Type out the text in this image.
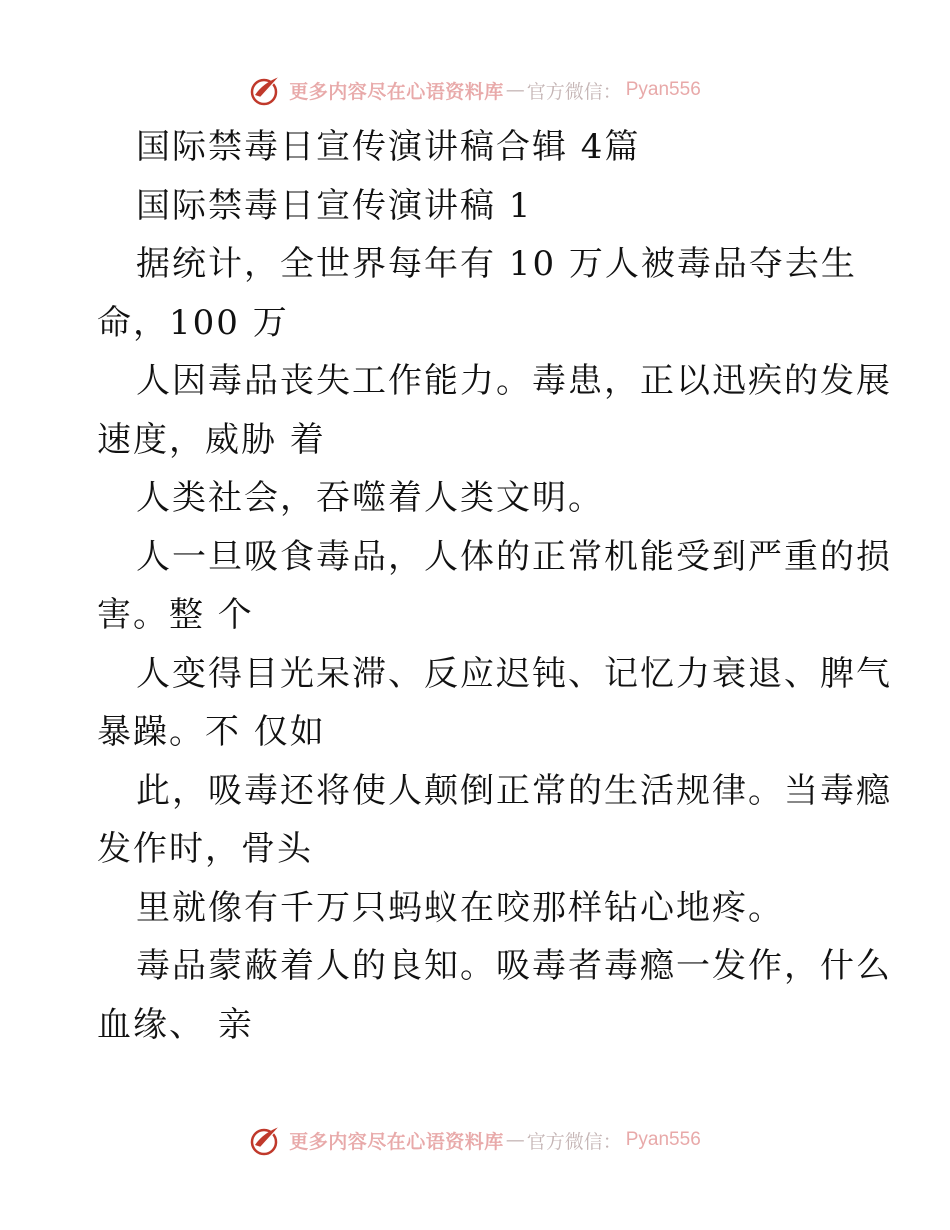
更多内容尽在心语资料库 — 官方微信： Pyan556
国际禁毒日宣传演讲稿合辑 4篇
国际禁毒日宣传演讲稿 1
据统计，全世界每年有 10 万人被毒品夺去生
命，100 万
人因毒品丧失工作能力。毒患，正以迅疾的发展
速度，威胁 着
人类社会，吞噬着人类文明。
人一旦吸食毒品，人体的正常机能受到严重的损
害。整 个
人变得目光呆滞、反应迟钝、记忆力衰退、脾气
暴躁。不 仅如
此，吸毒还将使人颠倒正常的生活规律。当毒瘾
发作时，骨头
里就像有千万只蚂蚁在咬那样钻心地疼。
毒品蒙蔽着人的良知。吸毒者毒瘾一发作，什么
血缘、 亲
更多内容尽在心语资料库 — 官方微信： Pyan556
